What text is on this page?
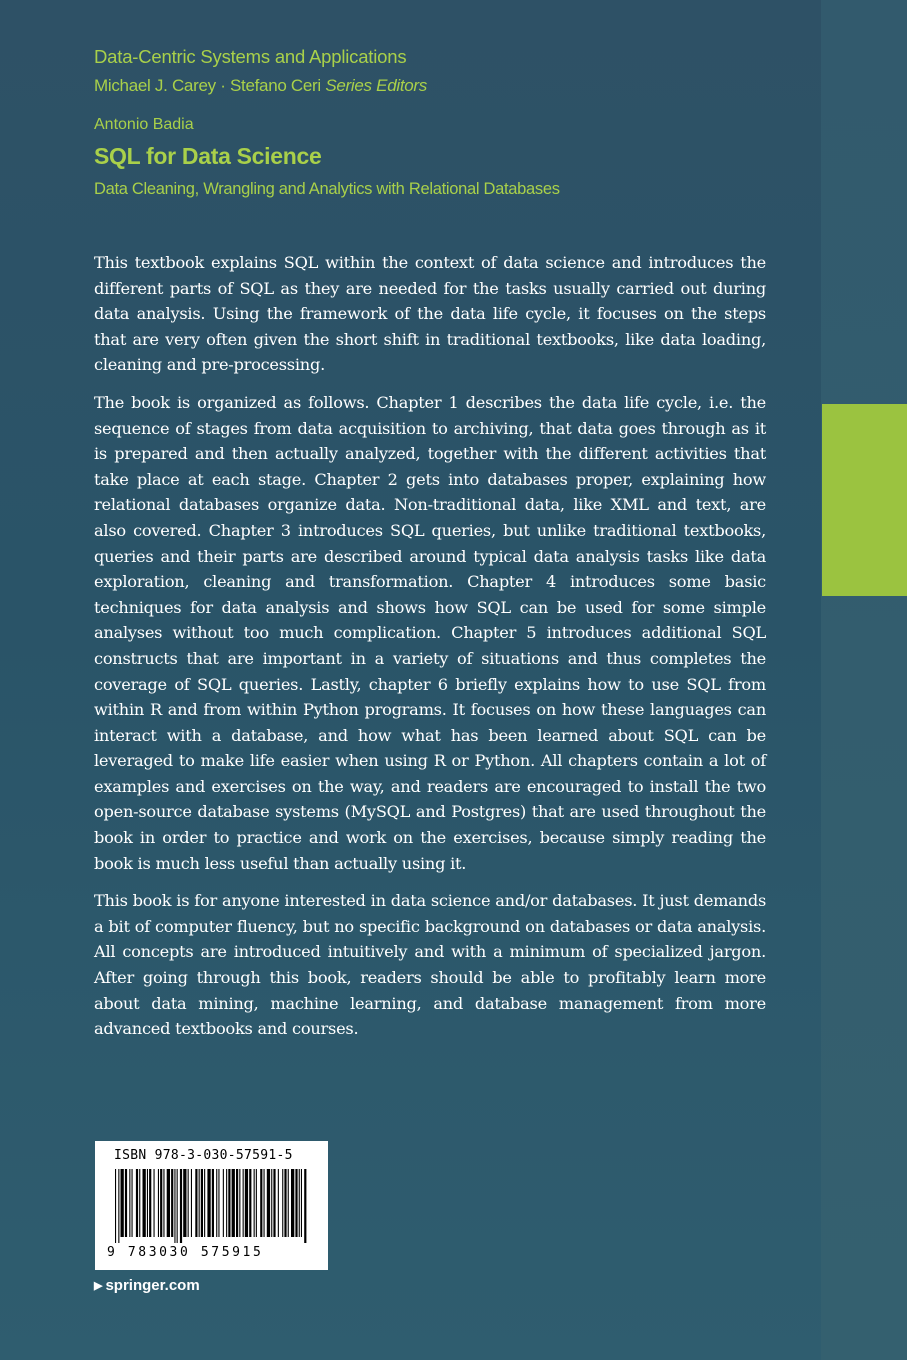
Data-Centric Systems and Applications
Michael J. Carey · Stefano Ceri Series Editors
Antonio Badia
SQL for Data Science
Data Cleaning, Wrangling and Analytics with Relational Databases

This textbook explains SQL within the context of data science and introduces the different parts of SQL as they are needed for the tasks usually carried out during data analysis. Using the framework of the data life cycle, it focuses on the steps that are very often given the short shift in traditional textbooks, like data loading, cleaning and pre-processing.

The book is organized as follows. Chapter 1 describes the data life cycle, i.e. the sequence of stages from data acquisition to archiving, that data goes through as it is prepared and then actually analyzed, together with the different activities that take place at each stage. Chapter 2 gets into databases proper, explaining how relational databases organize data. Non-traditional data, like XML and text, are also covered. Chapter 3 introduces SQL queries, but unlike traditional textbooks, queries and their parts are described around typical data analysis tasks like data exploration, cleaning and transformation. Chapter 4 introduces some basic techniques for data analysis and shows how SQL can be used for some simple analyses without too much complication. Chapter 5 introduces additional SQL constructs that are important in a variety of situations and thus completes the coverage of SQL queries. Lastly, chapter 6 briefly explains how to use SQL from within R and from within Python programs. It focuses on how these languages can interact with a database, and how what has been learned about SQL can be leveraged to make life easier when using R or Python. All chapters contain a lot of examples and exercises on the way, and readers are encouraged to install the two open-source database systems (MySQL and Postgres) that are used throughout the book in order to practice and work on the exercises, because simply reading the book is much less useful than actually using it.

This book is for anyone interested in data science and/or databases. It just demands a bit of computer fluency, but no specific background on databases or data analysis. All concepts are introduced intuitively and with a minimum of specialized jargon. After going through this book, readers should be able to profitably learn more about data mining, machine learning, and database management from more advanced textbooks and courses.

ISBN 978-3-030-57591-5
9 783030 575915
▶ springer.com
